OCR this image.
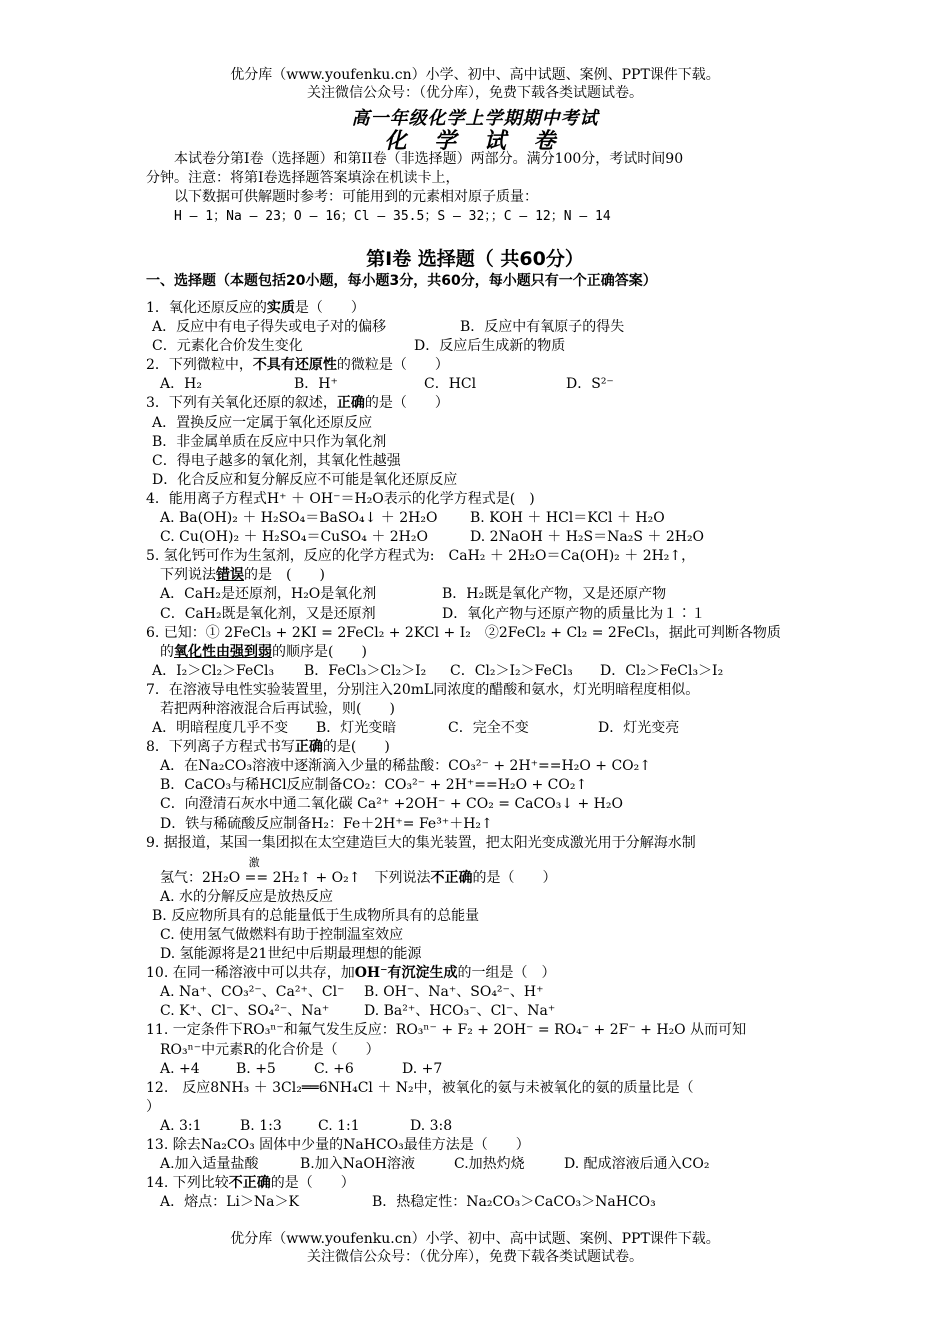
优分库（www.youfenku.cn）小学、初中、高中试题、案例、PPT课件下载。
关注微信公众号：（优分库），免费下载各类试题试卷。
高一年级化学上学期期中考试
化 学 试 卷

本试卷分第Ⅰ卷（选择题）和第II卷（非选择题）两部分。满分100分，考试时间90

分钟。注意：将第Ⅰ卷选择题答案填涂在机读卡上，

以下数据可供解题时参考：可能用到的元素相对原子质量：

H — 1；Na — 23；O — 16；Cl — 35.5；S — 32；；C — 12；N — 14

第Ⅰ卷 选择题（ 共60分）
一、选择题（本题包括20小题，每小题3分，共60分，每小题只有一个正确答案）
1．氧化还原反应的实质是（　　）
A．反应中有电子得失或电子对的偏移	B．反应中有氧原子的得失
C．元素化合价发生变化	D．反应后生成新的物质
2．下列微粒中，不具有还原性的微粒是（　　）
A．H₂	B．H⁺	C．HCl	D．S²⁻
3．下列有关氧化还原的叙述，正确的是（　　）
A．置换反应一定属于氧化还原反应
B．非金属单质在反应中只作为氧化剂
C．得电子越多的氧化剂，其氧化性越强
D．化合反应和复分解反应不可能是氧化还原反应
4．能用离子方程式H⁺ ＋ OH⁻＝H₂O表示的化学方程式是(　)
A. Ba(OH)₂ ＋ H₂SO₄＝BaSO₄↓ ＋ 2H₂O B. KOH ＋ HCl＝KCl ＋ H₂O
C. Cu(OH)₂ ＋ H₂SO₄＝CuSO₄ ＋ 2H₂O	D. 2NaOH ＋ H₂S＝Na₂S ＋ 2H₂O
5. 氢化钙可作为生氢剂，反应的化学方程式为:　CaH₂ ＋ 2H₂O＝Ca(OH)₂ ＋ 2H₂↑，
下列说法错误的是　(　　)
A．CaH₂是还原剂，H₂O是氧化剂	B．H₂既是氧化产物，又是还原产物
C．CaH₂既是氧化剂，又是还原剂	D．氧化产物与还原产物的质量比为１∶１
6. 已知：① 2FeCl₃ + 2KI = 2FeCl₂ + 2KCl + I₂　②2FeCl₂ + Cl₂ = 2FeCl₃，据此可判断各物质
的氧化性由强到弱的顺序是(　　)
A．I₂＞Cl₂＞FeCl₃ B．FeCl₃＞Cl₂＞I₂ C．Cl₂＞I₂＞FeCl₃ D．Cl₂＞FeCl₃＞I₂
7．在溶液导电性实验装置里，分别注入20mL同浓度的醋酸和氨水，灯光明暗程度相似。
若把两种溶液混合后再试验，则(　　)
A．明暗程度几乎不变 B．灯光变暗	C．完全不变	D．灯光变亮
8．下列离子方程式书写正确的是(　　)
A．在Na₂CO₃溶液中逐渐滴入少量的稀盐酸：CO₃²⁻ + 2H⁺==H₂O + CO₂↑
B．CaCO₃与稀HCl反应制备CO₂：CO₃²⁻ + 2H⁺==H₂O + CO₂↑
C．向澄清石灰水中通二氧化碳 Ca²⁺ +2OH⁻ + CO₂ = CaCO₃↓ + H₂O
D．铁与稀硫酸反应制备H₂：Fe＋2H⁺= Fe³⁺＋H₂↑
9. 据报道，某国一集团拟在太空建造巨大的集光装置，把太阳光变成激光用于分解海水制
氢气：2H₂O
激
== 2H₂↑ + O₂↑　下列说法不正确的是（　　）
A. 水的分解反应是放热反应
B. 反应物所具有的总能量低于生成物所具有的总能量
C. 使用氢气做燃料有助于控制温室效应
D. 氢能源将是21世纪中后期最理想的能源
10. 在同一稀溶液中可以共存，加OH⁻有沉淀生成的一组是（　）
A. Na⁺、CO₃²⁻、Ca²⁺、Cl⁻ B. OH⁻、Na⁺、SO₄²⁻、H⁺
C. K⁺、Cl⁻、SO₄²⁻、Na⁺ D. Ba²⁺、HCO₃⁻、Cl⁻、Na⁺
11. 一定条件下RO₃ⁿ⁻和氟气发生反应：RO₃ⁿ⁻ + F₂ + 2OH⁻ = RO₄⁻ + 2F⁻ + H₂O 从而可知
RO₃ⁿ⁻中元素R的化合价是（　　）
A. +4	B. +5	C. +6	D. +7
12.　反应8NH₃ ＋ 3Cl₂══6NH₄Cl ＋ N₂中，被氧化的氨与未被氧化的氨的质量比是（
）
A. 3:1	B. 1:3	C. 1:1	D. 3:8
13. 除去Na₂CO₃ 固体中少量的NaHCO₃最佳方法是（　　）
A.加入适量盐酸	B.加入NaOH溶液	C.加热灼烧	D. 配成溶液后通入CO₂
14. 下列比较不正确的是（　　）
A．熔点：Li＞Na＞K	B．热稳定性：Na₂CO₃＞CaCO₃＞NaHCO₃
优分库（www.youfenku.cn）小学、初中、高中试题、案例、PPT课件下载。
关注微信公众号：（优分库），免费下载各类试题试卷。
